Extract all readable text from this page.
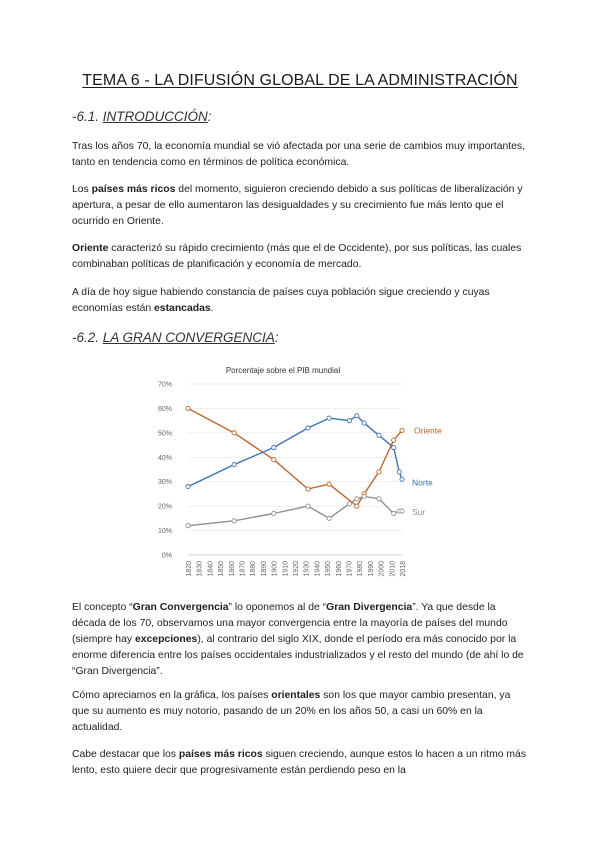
TEMA 6 - LA DIFUSIÓN GLOBAL DE LA ADMINISTRACIÓN
-6.1. INTRODUCCIÓN:

Tras los años 70, la economía mundial se vió afectada por una serie de cambios muy importantes, tanto en tendencia como en términos de política económica.

Los países más ricos del momento, siguieron creciendo debido a sus políticas de liberalización y apertura, a pesar de ello aumentaron las desigualdades y su crecimiento fue más lento que el ocurrido en Oriente.

Oriente caracterizó su rápido crecimiento (más que el de Occidente), por sus políticas, las cuales combinaban políticas de planificación y economía de mercado.

A día de hoy sigue habiendo constancia de países cuya población sigue creciendo y cuyas economías están estancadas.

-6.2. LA GRAN CONVERGENCIA:
Porcentaje sobre el PIB mundial
0%
10%
20%
30%
40%
50%
60%
70%
1820 1830 1840 1850 1860 1870 1880 1890 1900 1910 1920 1930 1940 1950 1960 1970 1980 1990 2000 2010 2018
Oriente
Norte
Sur

El concepto “Gran Convergencia” lo oponemos al de “Gran Divergencia”. Ya que desde la década de los 70, observamos una mayor convergencia entre la mayoría de países del mundo (siempre hay excepciones), al contrario del siglo XIX, donde el período era más conocido por la enorme diferencia entre los países occidentales industrializados y el resto del mundo (de ahí lo de “Gran Divergencia”.

Cómo apreciamos en la gráfica, los países orientales son los que mayor cambio presentan, ya que su aumento es muy notorio, pasando de un 20% en los años 50, a casi un 60% en la actualidad.

Cabe destacar que los países más ricos siguen creciendo, aunque estos lo hacen a un ritmo más lento, esto quiere decir que progresivamente están perdiendo peso en la
